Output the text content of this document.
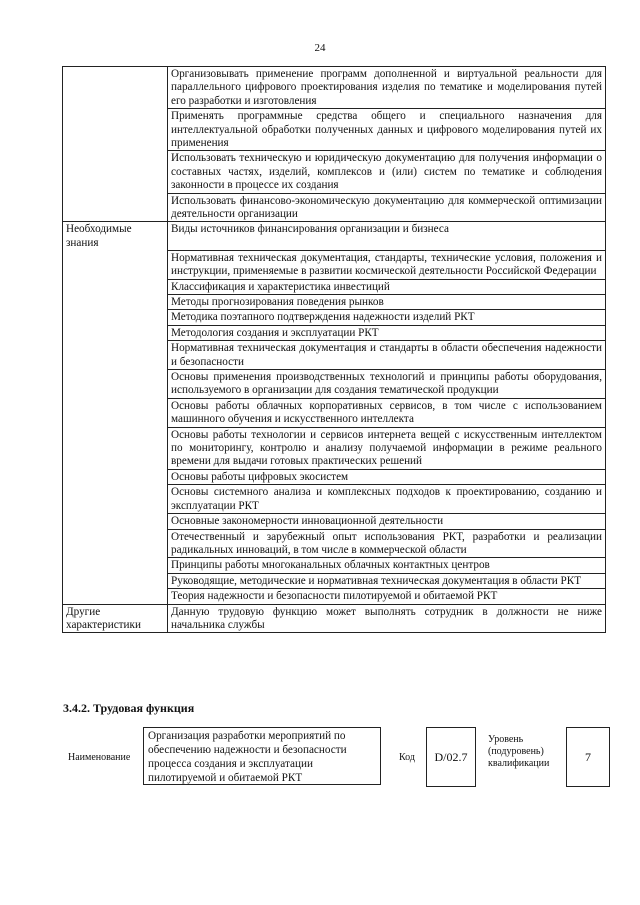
24
	Организовывать применение программ дополненной и виртуальной реальности для параллельного цифрового проектирования изделия по тематике и моделирования путей его разработки и изготовления
	Применять программные средства общего и специального назначения для интеллектуальной обработки полученных данных и цифрового моделирования путей их применения
	Использовать техническую и юридическую документацию для получения информации о составных частях, изделий, комплексов и (или) систем по тематике и соблюдения законности в процессе их создания
	Использовать финансово-экономическую документацию для коммерческой оптимизации деятельности организации
Необходимые знания	Виды источников финансирования организации и бизнеса
	Нормативная техническая документация, стандарты, технические условия, положения и инструкции, применяемые в развитии космической деятельности Российской Федерации
	Классификация и характеристика инвестиций
	Методы прогнозирования поведения рынков
	Методика поэтапного подтверждения надежности изделий РКТ
	Методология создания и эксплуатации РКТ
	Нормативная техническая документация и стандарты в области обеспечения надежности и безопасности
	Основы применения производственных технологий и принципы работы оборудования, используемого в организации для создания тематической продукции
	Основы работы облачных корпоративных сервисов, в том числе с использованием машинного обучения и искусственного интеллекта
	Основы работы технологии и сервисов интернета вещей с искусственным интеллектом по мониторингу, контролю и анализу получаемой информации в режиме реального времени для выдачи готовых практических решений
	Основы работы цифровых экосистем
	Основы системного анализа и комплексных подходов к проектированию, созданию и эксплуатации РКТ
	Основные закономерности инновационной деятельности
	Отечественный и зарубежный опыт использования РКТ, разработки и реализации радикальных инноваций, в том числе в коммерческой области
	Принципы работы многоканальных облачных контактных центров
	Руководящие, методические и нормативная техническая документация в области РКТ
	Теория надежности и безопасности пилотируемой и обитаемой РКТ
Другие характеристики	Данную трудовую функцию может выполнять сотрудник в должности не ниже начальника службы
3.4.2. Трудовая функция
Наименование
Организация разработки мероприятий по обеспечению надежности и безопасности процесса создания и эксплуатации пилотируемой и обитаемой РКТ
Код	D/02.7
Уровень (подуровень) квалификации	7
